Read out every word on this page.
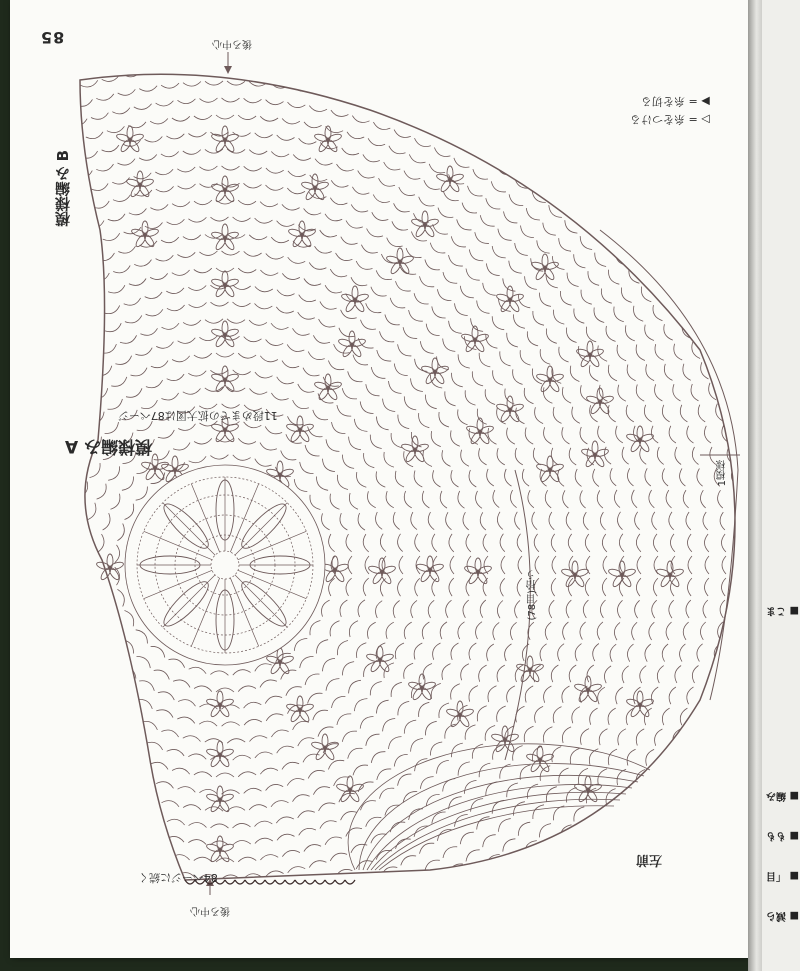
85
模様編み B
模様編み A
11段めまでの拡大図は87ページ
後ろ中心
後ろ中心
84ページに続く
左前
1模様
(78目)拾う
▷ = 糸をつける
▶ = 糸を切る
■ こま
■ 編み
■ もも
■ 「目
■ 減ら
